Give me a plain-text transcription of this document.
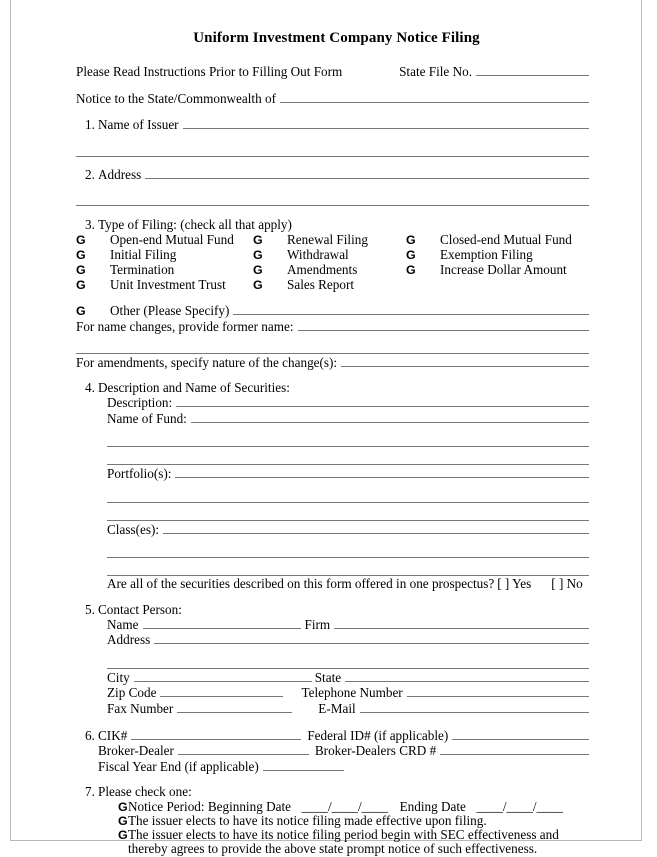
Uniform Investment Company Notice Filing
Please Read Instructions Prior to Filling Out Form	State File No.
Notice to the State/Commonwealth of
1. Name of Issuer
2. Address
3. Type of Filing: (check all that apply)
G	Open-end Mutual Fund G	Renewal Filing	G	Closed-end Mutual Fund
G	Initial Filing	G	Withdrawal	G	Exemption Filing
G	Termination	G	Amendments	G	Increase Dollar Amount
G	Unit Investment Trust G	Sales Report
G	Other (Please Specify)
For name changes, provide former name:
For amendments, specify nature of the change(s):
4. Description and Name of Securities:
Description:
Name of Fund:
Portfolio(s):
Class(es):
Are all of the securities described on this form offered in one prospectus? [ ] Yes [ ] No
5. Contact Person:
Name	Firm
Address
City	State
Zip Code	Telephone Number
Fax Number	E-Mail
6. CIK#	Federal ID# (if applicable)
Broker-Dealer	Broker-Dealers CRD #
Fiscal Year End (if applicable)
7. Please check one:
G Notice Period: Beginning Date ____/____/____ Ending Date ____/____/____
G The issuer elects to have its notice filing made effective upon filing.
G The issuer elects to have its notice filing period begin with SEC effectiveness and
thereby agrees to provide the above state prompt notice of such effectiveness.
